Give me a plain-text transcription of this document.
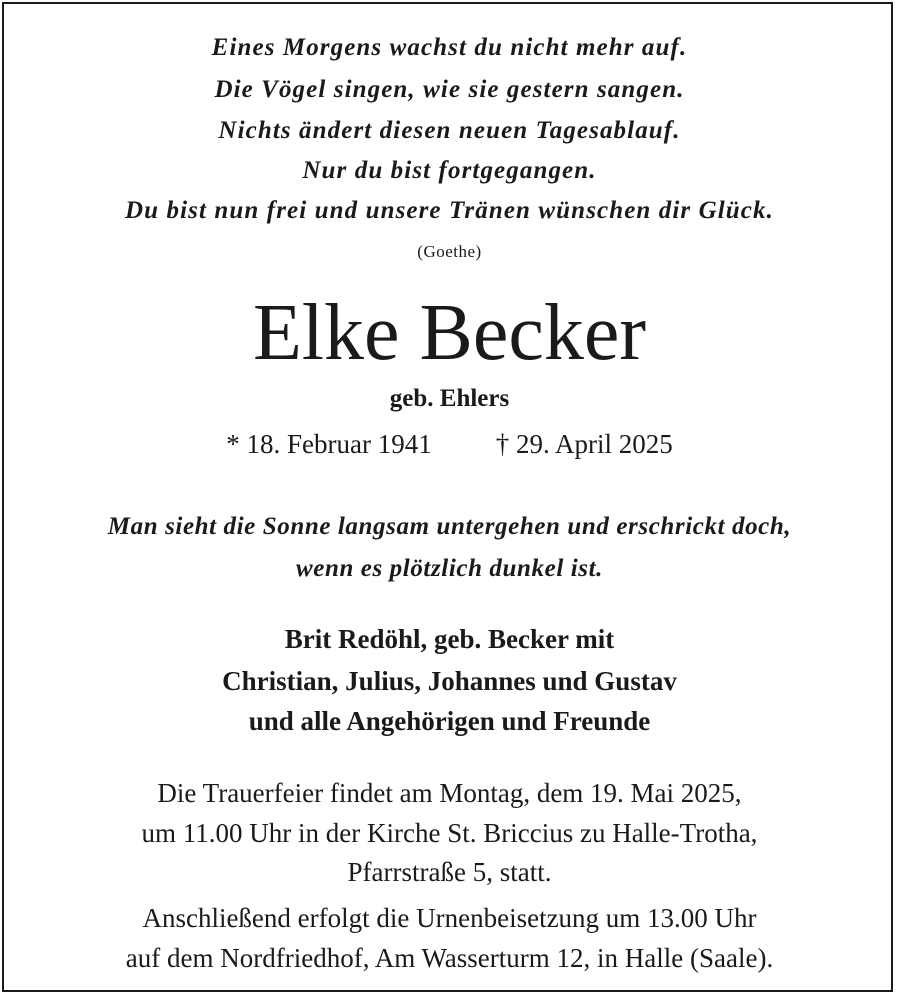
Eines Morgens wachst du nicht mehr auf.
Die Vögel singen, wie sie gestern sangen.
Nichts ändert diesen neuen Tagesablauf.
Nur du bist fortgegangen.
Du bist nun frei und unsere Tränen wünschen dir Glück.
(Goethe)
Elke Becker
geb. Ehlers
* 18. Februar 1941 † 29. April 2025
Man sieht die Sonne langsam untergehen und erschrickt doch,
wenn es plötzlich dunkel ist.
Brit Redöhl, geb. Becker mit
Christian, Julius, Johannes und Gustav
und alle Angehörigen und Freunde
Die Trauerfeier findet am Montag, dem 19. Mai 2025,
um 11.00 Uhr in der Kirche St. Briccius zu Halle-Trotha,
Pfarrstraße 5, statt.
Anschließend erfolgt die Urnenbeisetzung um 13.00 Uhr
auf dem Nordfriedhof, Am Wasserturm 12, in Halle (Saale).
